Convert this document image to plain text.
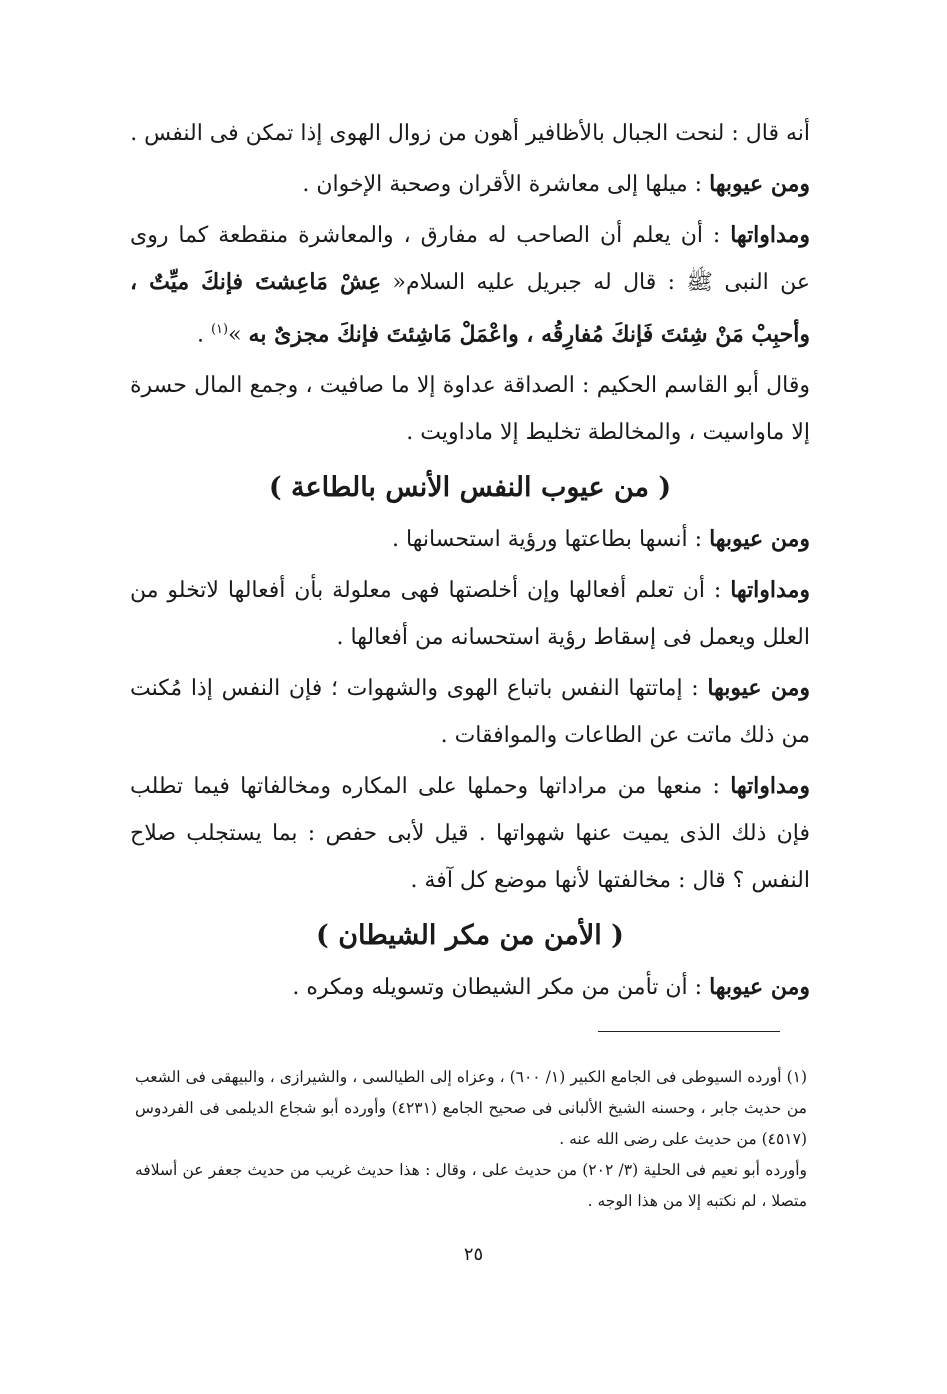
أنه قال : لنحت الجبال بالأظافير أهون من زوال الهوى إذا تمكن فى النفس .

ومن عيوبها : ميلها إلى معاشرة الأقران وصحبة الإخوان .

ومداواتها : أن يعلم أن الصاحب له مفارق ، والمعاشرة منقطعة كما روى عن النبى ﷺ : قال له جبريل عليه السلام« عِشْ مَاعِشتَ فإنكَ ميِّتٌ ، وأحبِبْ مَنْ شِئتَ فَإنكَ مُفارِقُه ، واعْمَلْ مَاشِئتَ فإنكَ مجزىٌ به »$^{(١)}$ .

وقال أبو القاسم الحكيم : الصداقة عداوة إلا ما صافيت ، وجمع المال حسرة إلا ماواسيت ، والمخالطة تخليط إلا ماداويت .

( من عيوب النفس الأنس بالطاعة )

ومن عيوبها : أنسها بطاعتها ورؤية استحسانها .

ومداواتها : أن تعلم أفعالها وإن أخلصتها فهى معلولة بأن أفعالها لاتخلو من العلل ويعمل فى إسقاط رؤية استحسانه من أفعالها .

ومن عيوبها : إماتتها النفس باتباع الهوى والشهوات ؛ فإن النفس إذا مُكنت من ذلك ماتت عن الطاعات والموافقات .

ومداواتها : منعها من مراداتها وحملها على المكاره ومخالفاتها فيما تطلب فإن ذلك الذى يميت عنها شهواتها . قيل لأبى حفص : بما يستجلب صلاح النفس ؟ قال : مخالفتها لأنها موضع كل آفة .

( الأمن من مكر الشيطان )

ومن عيوبها : أن تأمن من مكر الشيطان وتسويله ومكره .

(١) أورده السيوطى فى الجامع الكبير (١/ ٦٠٠) ، وعزاه إلى الطيالسى ، والشيرازى ، والبيهقى فى الشعب من حديث جابر ، وحسنه الشيخ الألبانى فى صحيح الجامع (٤٢٣١) وأورده أبو شجاع الديلمى فى الفردوس (٤٥١٧) من حديث على رضى الله عنه .

وأورده أبو نعيم فى الحلية (٣/ ٢٠٢) من حديث على ، وقال : هذا حديث غريب من حديث جعفر عن أسلافه متصلا ، لم نكتبه إلا من هذا الوجه .

٢٥
